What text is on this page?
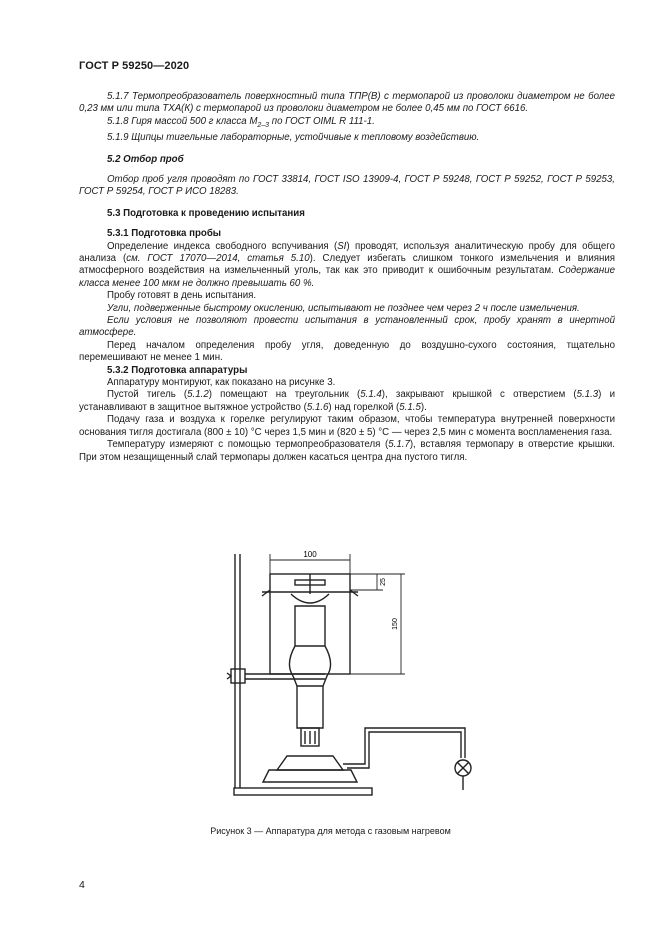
ГОСТ Р 59250—2020

5.1.7 Термопреобразователь поверхностный типа ТПР(В) с термопарой из проволоки диаметром не более 0,23 мм или типа ТХА(К) с термопарой из проволоки диаметром не более 0,45 мм по ГОСТ 6616.

5.1.8 Гиря массой 500 г класса $M_{2-3}$ по ГОСТ OIML R 111-1.

5.1.9 Щипцы тигельные лабораторные, устойчивые к тепловому воздействию.

5.2 Отбор проб

Отбор проб угля проводят по ГОСТ 33814, ГОСТ ISO 13909-4, ГОСТ Р 59248, ГОСТ Р 59252, ГОСТ Р 59253, ГОСТ Р 59254, ГОСТ Р ИСО 18283.

5.3 Подготовка к проведению испытания

5.3.1 Подготовка пробы

Определение индекса свободного вспучивания (SI) проводят, используя аналитическую пробу для общего анализа (см. ГОСТ 17070—2014, статья 5.10). Следует избегать слишком тонкого измельчения и влияния атмосферного воздействия на измельченный уголь, так как это приводит к ошибочным результатам. Содержание класса менее 100 мкм не должно превышать 60 %.

Пробу готовят в день испытания.

Угли, подверженные быстрому окислению, испытывают не позднее чем через 2 ч после измельчения.

Если условия не позволяют провести испытания в установленный срок, пробу хранят в инертной атмосфере.

Перед началом определения пробу угля, доведенную до воздушно-сухого состояния, тщательно перемешивают не менее 1 мин.

5.3.2 Подготовка аппаратуры

Аппаратуру монтируют, как показано на рисунке 3.

Пустой тигель (5.1.2) помещают на треугольник (5.1.4), закрывают крышкой с отверстием (5.1.3) и устанавливают в защитное вытяжное устройство (5.1.6) над горелкой (5.1.5).

Подачу газа и воздуха к горелке регулируют таким образом, чтобы температура внутренней поверхности основания тигля достигала (800 ± 10) °С через 1,5 мин и (820 ± 5) °С — через 2,5 мин с момента воспламенения газа.

Температуру измеряют с помощью термопреобразователя (5.1.7), вставляя термопару в отверстие крышки. При этом незащищенный слай термопары должен касаться центра дна пустого тигля.

100
25
150
Рисунок 3 — Аппаратура для метода с газовым нагревом
4
